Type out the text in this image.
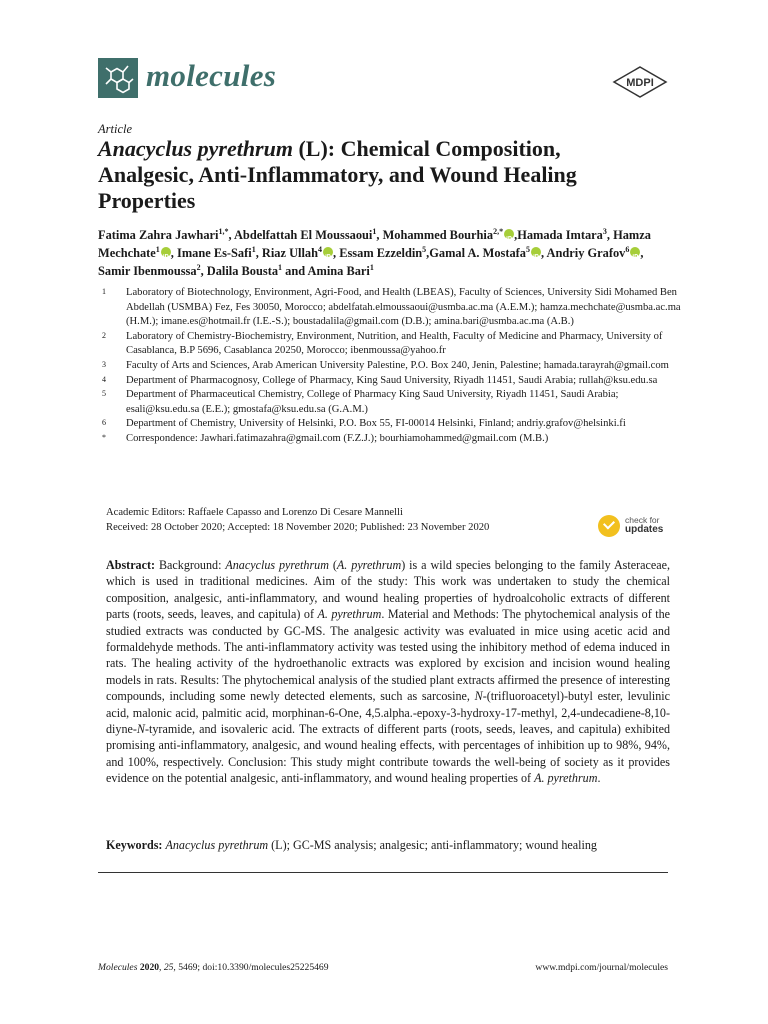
molecules	MDPI
Article
Anacyclus pyrethrum (L): Chemical Composition, Analgesic, Anti-Inflammatory, and Wound Healing Properties
Fatima Zahra Jawhari$^{1,*}$, Abdelfattah El Moussaoui$^1$, Mohammed Bourhia$^{2,*}$ iD ,Hamada Imtara$^3$, Hamza Mechchate$^1$ iD , Imane Es-Safi$^1$, Riaz Ullah$^4$ iD , Essam Ezzeldin$^5$,Gamal A. Mostafa$^5$ iD , Andriy Grafov$^6$ iD , Samir Ibenmoussa$^2$, Dalila Bousta$^1$ and Amina Bari$^1$
1	Laboratory of Biotechnology, Environment, Agri-Food, and Health (LBEAS), Faculty of Sciences, University Sidi Mohamed Ben Abdellah (USMBA) Fez, Fes 30050, Morocco; abdelfatah.elmoussaoui@usmba.ac.ma (A.E.M.); hamza.mechchate@usmba.ac.ma (H.M.); imane.es@hotmail.fr (I.E.-S.); boustadalila@gmail.com (D.B.); amina.bari@usmba.ac.ma (A.B.)
2	Laboratory of Chemistry-Biochemistry, Environment, Nutrition, and Health, Faculty of Medicine and Pharmacy, University of Casablanca, B.P 5696, Casablanca 20250, Morocco; ibenmoussa@yahoo.fr
3	Faculty of Arts and Sciences, Arab American University Palestine, P.O. Box 240, Jenin, Palestine; hamada.tarayrah@gmail.com
4	Department of Pharmacognosy, College of Pharmacy, King Saud University, Riyadh 11451, Saudi Arabia; rullah@ksu.edu.sa
5	Department of Pharmaceutical Chemistry, College of Pharmacy King Saud University, Riyadh 11451, Saudi Arabia; esali@ksu.edu.sa (E.E.); gmostafa@ksu.edu.sa (G.A.M.)
6	Department of Chemistry, University of Helsinki, P.O. Box 55, FI-00014 Helsinki, Finland; andriy.grafov@helsinki.fi
*	Correspondence: Jawhari.fatimazahra@gmail.com (F.Z.J.); bourhiamohammed@gmail.com (M.B.)
Academic Editors: Raffaele Capasso and Lorenzo Di Cesare Mannelli
Received: 28 October 2020; Accepted: 18 November 2020; Published: 23 November 2020
check for
updates
Abstract: Background: Anacyclus pyrethrum (A. pyrethrum) is a wild species belonging to the family Asteraceae, which is used in traditional medicines. Aim of the study: This work was undertaken to study the chemical composition, analgesic, anti-inflammatory, and wound healing properties of hydroalcoholic extracts of different parts (roots, seeds, leaves, and capitula) of A. pyrethrum. Material and Methods: The phytochemical analysis of the studied extracts was conducted by GC-MS. The analgesic activity was evaluated in mice using acetic acid and formaldehyde methods. The anti-inflammatory activity was tested using the inhibitory method of edema induced in rats. The healing activity of the hydroethanolic extracts was explored by excision and incision wound healing models in rats. Results: The phytochemical analysis of the studied plant extracts affirmed the presence of interesting compounds, including some newly detected elements, such as sarcosine, N-(trifluoroacetyl)-butyl ester, levulinic acid, malonic acid, palmitic acid, morphinan-6-One, 4,5.alpha.-epoxy-3-hydroxy-17-methyl, 2,4-undecadiene-8,10-diyne-N-tyramide, and isovaleric acid. The extracts of different parts (roots, seeds, leaves, and capitula) exhibited promising anti-inflammatory, analgesic, and wound healing effects, with percentages of inhibition up to 98%, 94%, and 100%, respectively. Conclusion: This study might contribute towards the well-being of society as it provides evidence on the potential analgesic, anti-inflammatory, and wound healing properties of A. pyrethrum.
Keywords: Anacyclus pyrethrum (L); GC-MS analysis; analgesic; anti-inflammatory; wound healing
Molecules 2020, 25, 5469; doi:10.3390/molecules25225469	www.mdpi.com/journal/molecules
